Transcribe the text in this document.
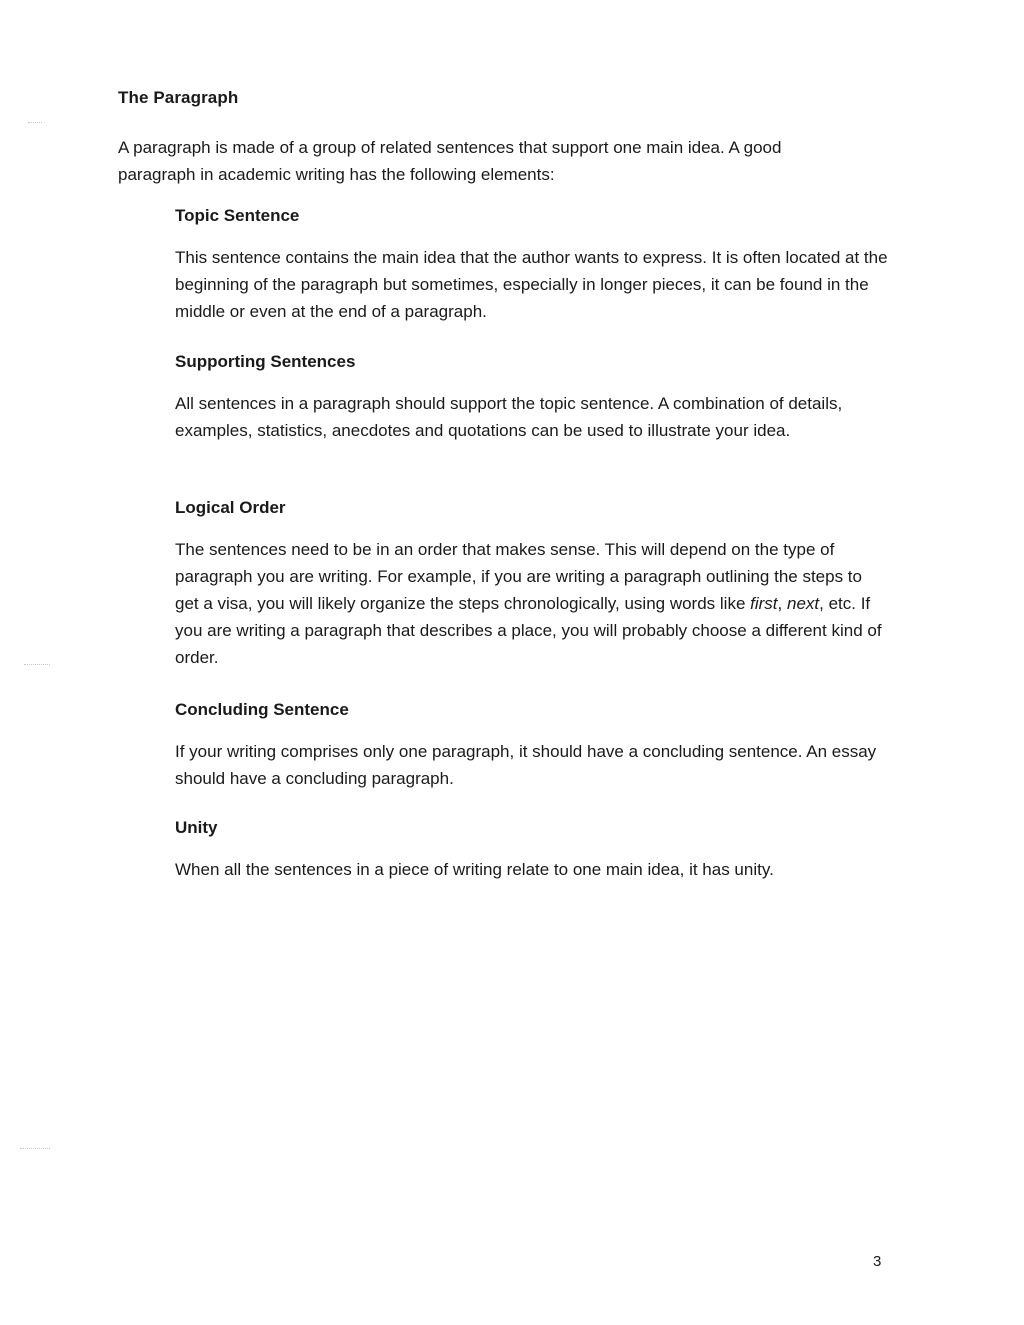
The Paragraph

A paragraph is made of a group of related sentences that support one main idea. A good paragraph in academic writing has the following elements:

Topic Sentence

This sentence contains the main idea that the author wants to express. It is often located at the beginning of the paragraph but sometimes, especially in longer pieces, it can be found in the middle or even at the end of a paragraph.

Supporting Sentences

All sentences in a paragraph should support the topic sentence. A combination of details, examples, statistics, anecdotes and quotations can be used to illustrate your idea.

Logical Order

The sentences need to be in an order that makes sense. This will depend on the type of paragraph you are writing. For example, if you are writing a paragraph outlining the steps to get a visa, you will likely organize the steps chronologically, using words like first, next, etc. If you are writing a paragraph that describes a place, you will probably choose a different kind of order.

Concluding Sentence

If your writing comprises only one paragraph, it should have a concluding sentence. An essay should have a concluding paragraph.

Unity

When all the sentences in a piece of writing relate to one main idea, it has unity.

3
